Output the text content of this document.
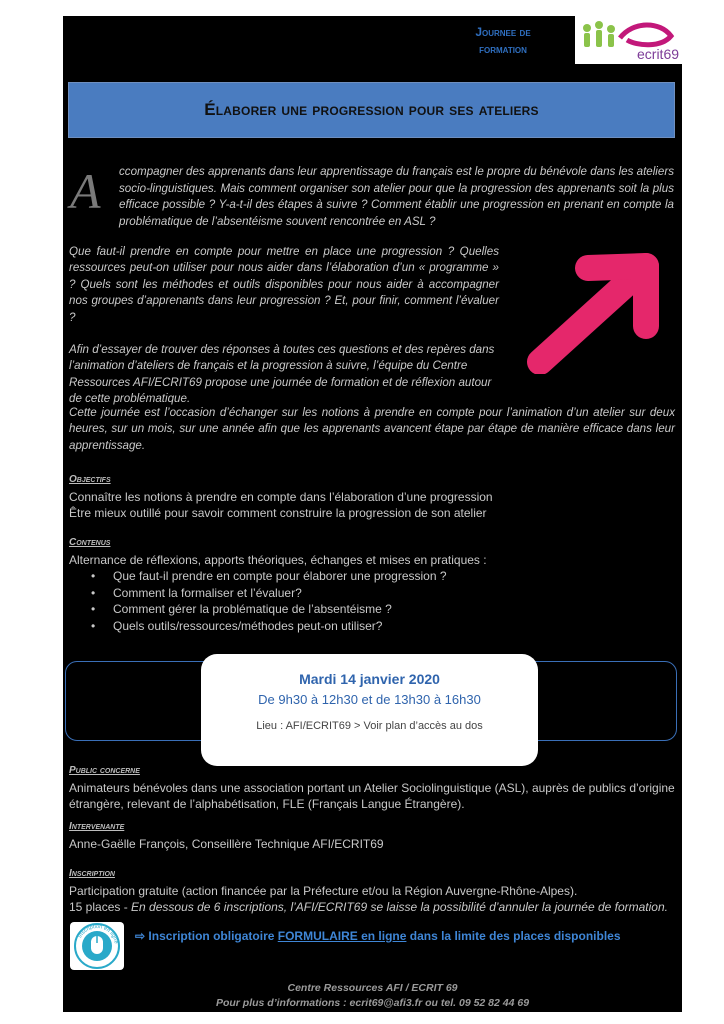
Journee de
formation	ecrit69
Élaborer une progression pour ses ateliers
A ccompagner des apprenants dans leur apprentissage du français est le propre du bénévole dans les ateliers socio-linguistiques. Mais comment organiser son atelier pour que la progression des apprenants soit la plus efficace possible ? Y-a-t-il des étapes à suivre ? Comment établir une progression en prenant en compte la problématique de l’absentéisme souvent rencontrée en ASL ?
Que faut-il prendre en compte pour mettre en place une progression ? Quelles ressources peut-on utiliser pour nous aider dans l’élaboration d’un « programme » ? Quels sont les méthodes et outils disponibles pour nous aider à accompagner nos groupes d’apprenants dans leur progression ? Et, pour finir, comment l’évaluer ?
Afin d’essayer de trouver des réponses à toutes ces questions et des repères dans l’animation d’ateliers de français et la progression à suivre, l’équipe du Centre Ressources AFI/ECRIT69 propose une journée de formation et de réflexion autour de cette problématique.
Cette journée est l’occasion d’échanger sur les notions à prendre en compte pour l’animation d’un atelier sur deux heures, sur un mois, sur une année afin que les apprenants avancent étape par étape de manière efficace dans leur apprentissage.

Objectifs

Connaître les notions à prendre en compte dans l’élaboration d’une progression
Être mieux outillé pour savoir comment construire la progression de son atelier

Contenus

Alternance de réflexions, apports théoriques, échanges et mises en pratiques :
• Que faut-il prendre en compte pour élaborer une progression ?
• Comment la formaliser et l’évaluer?
• Comment gérer la problématique de l’absentéisme ?
• Quels outils/ressources/méthodes peut-on utiliser?
Mardi 14 janvier 2020
De 9h30 à 12h30 et de 13h30 à 16h30
Lieu : AFI/ECRIT69 > Voir plan d’accès au dos

Public concerne

Animateurs bénévoles dans une association portant un Atelier Sociolinguistique (ASL), auprès de publics d’origine étrangère, relevant de l’alphabétisation, FLE (Français Langue Étrangère).

Intervenante

Anne-Gaëlle François, Conseillère Technique AFI/ECRIT69

Inscription

Participation gratuite (action financée par la Préfecture et/ou la Région Auvergne-Rhône-Alpes).
15 places - En dessous de 6 inscriptions, l’AFI/ECRIT69 se laisse la possibilité d’annuler la journée de formation.
Inscription en ligne ⇨ Inscription obligatoire FORMULAIRE en ligne dans la limite des places disponibles
Centre Ressources AFI / ECRIT 69
Pour plus d’informations : ecrit69@afi3.fr ou tel. 09 52 82 44 69
